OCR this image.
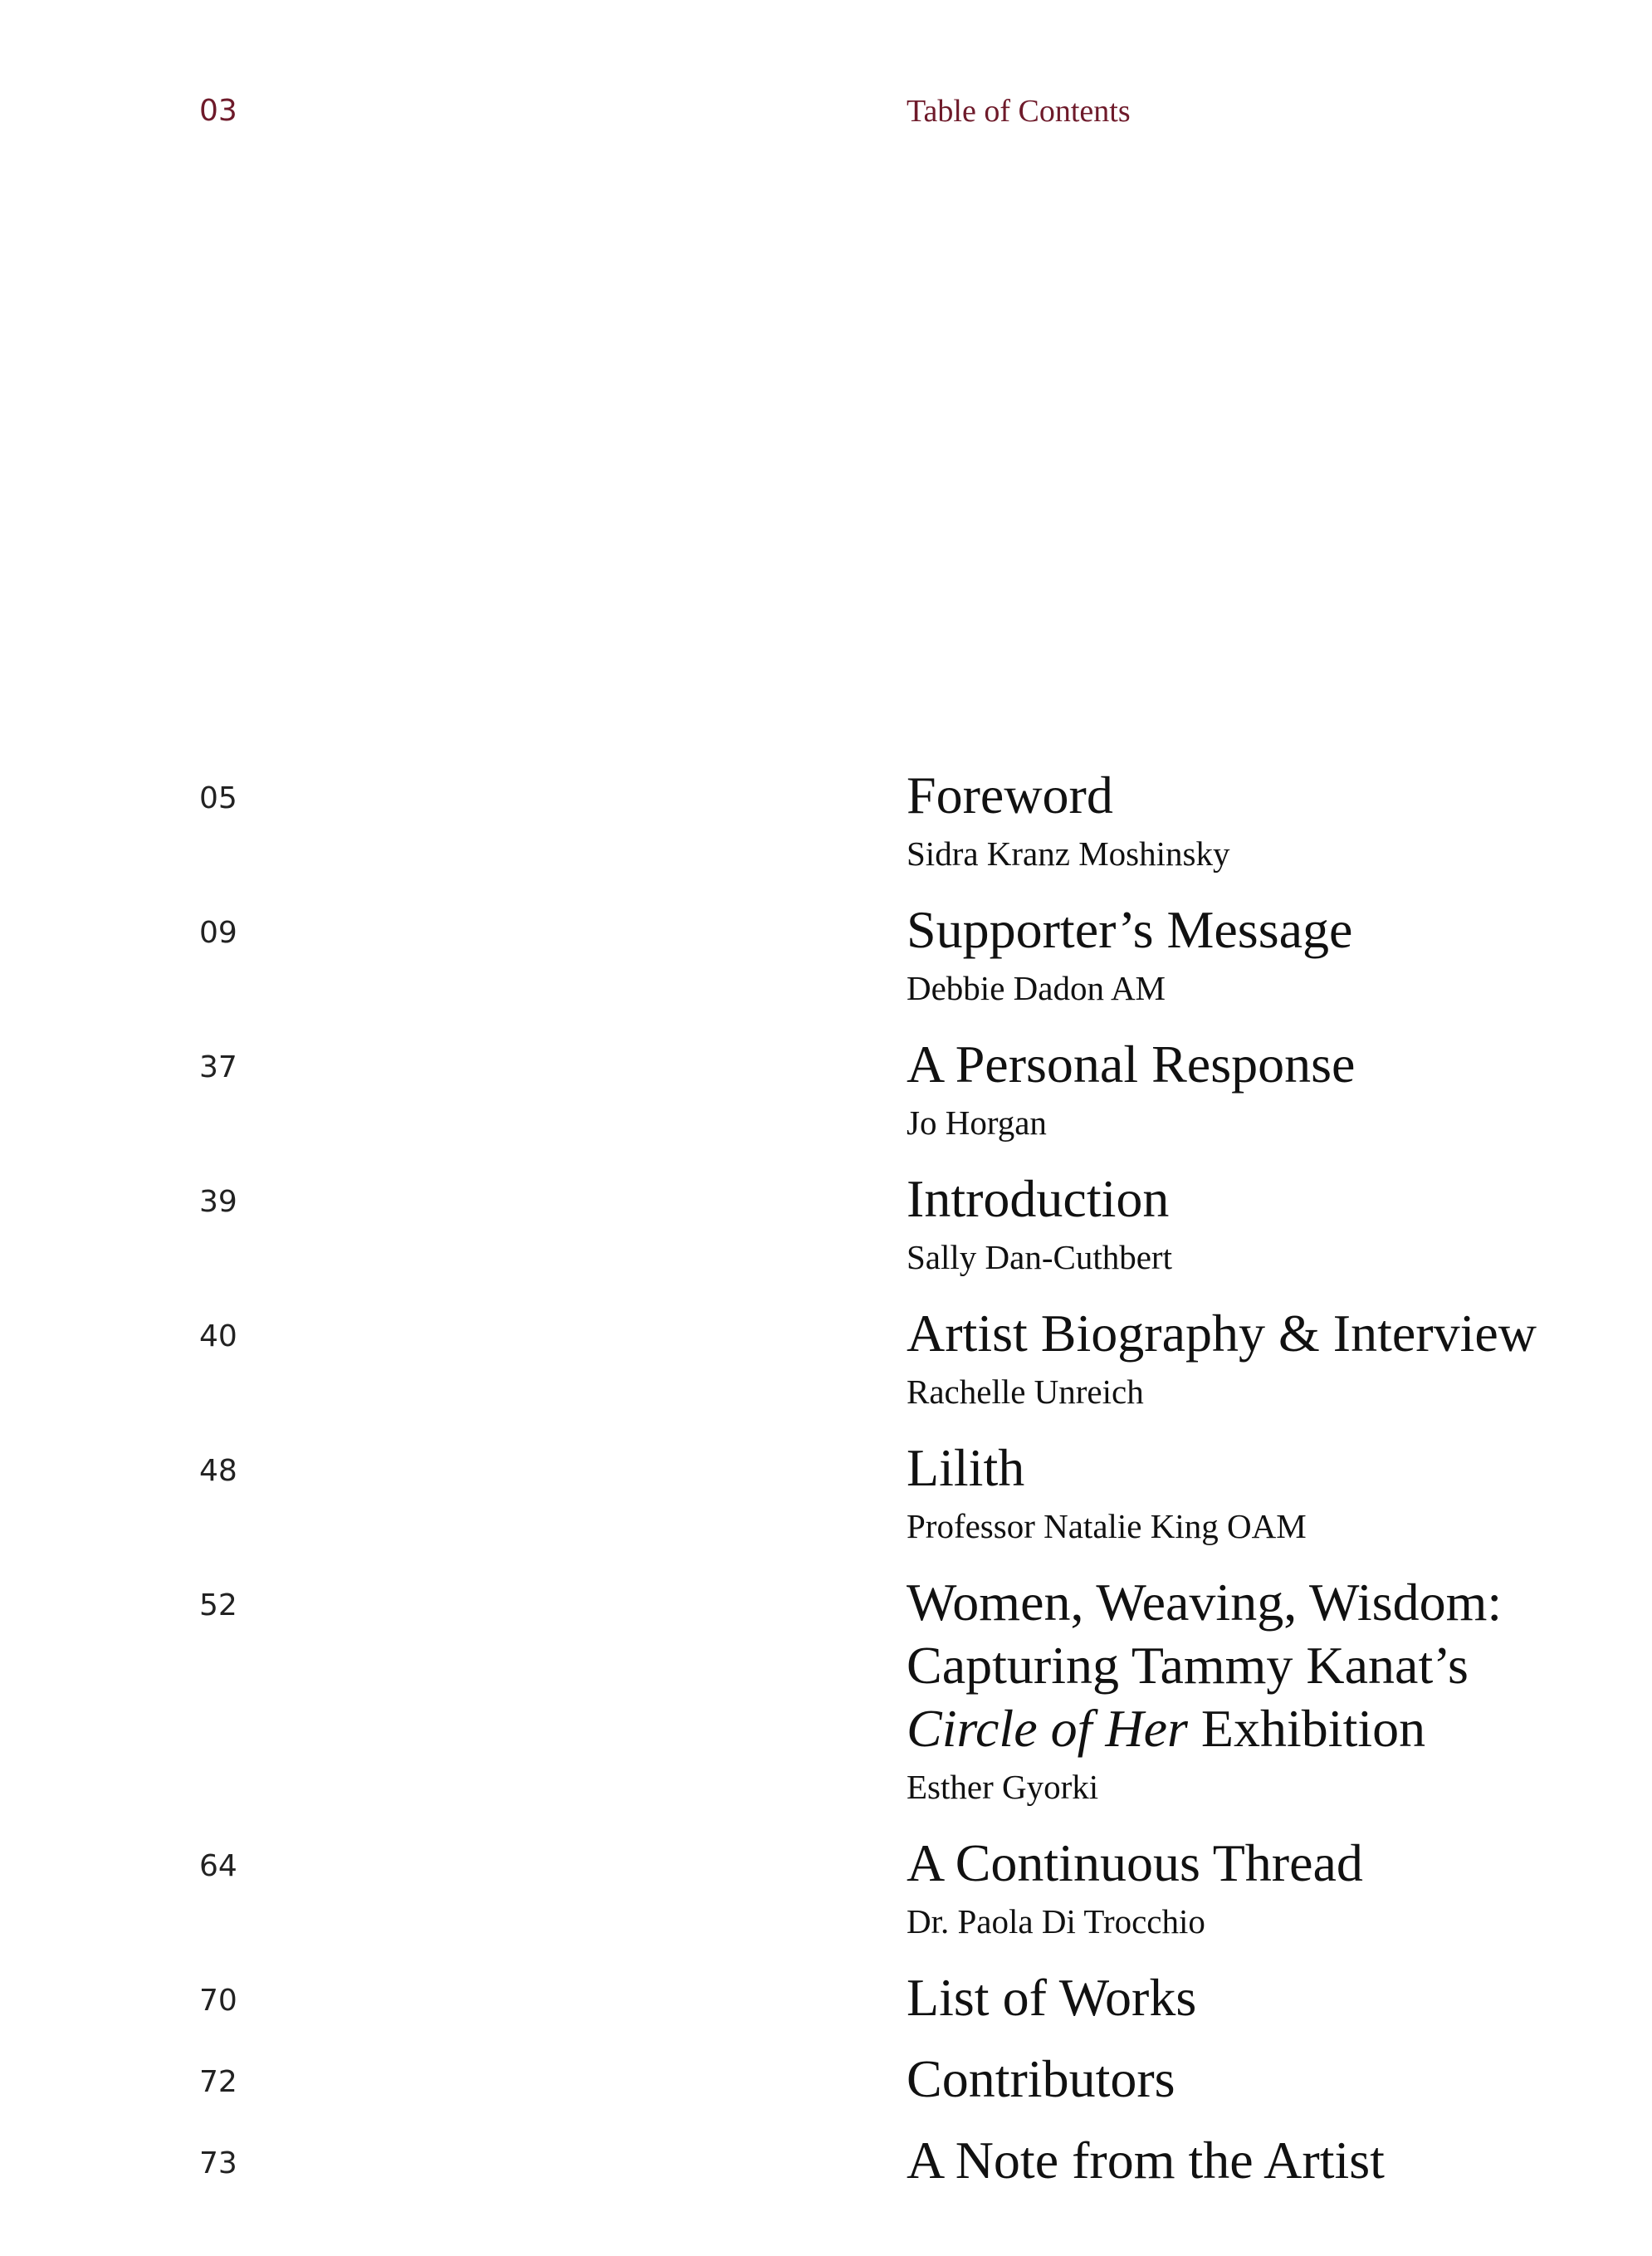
03	Table of Contents
05	Foreword
Sidra Kranz Moshinsky
09	Supporter’s Message
Debbie Dadon AM
37	A Personal Response
Jo Horgan
39	Introduction
Sally Dan-Cuthbert
40	Artist Biography & Interview
Rachelle Unreich
48	Lilith
Professor Natalie King OAM
52	Women, Weaving, Wisdom:
Capturing Tammy Kanat’s
Circle of Her Exhibition
Esther Gyorki
64	A Continuous Thread
Dr. Paola Di Trocchio
70	List of Works
72	Contributors
73	A Note from the Artist
